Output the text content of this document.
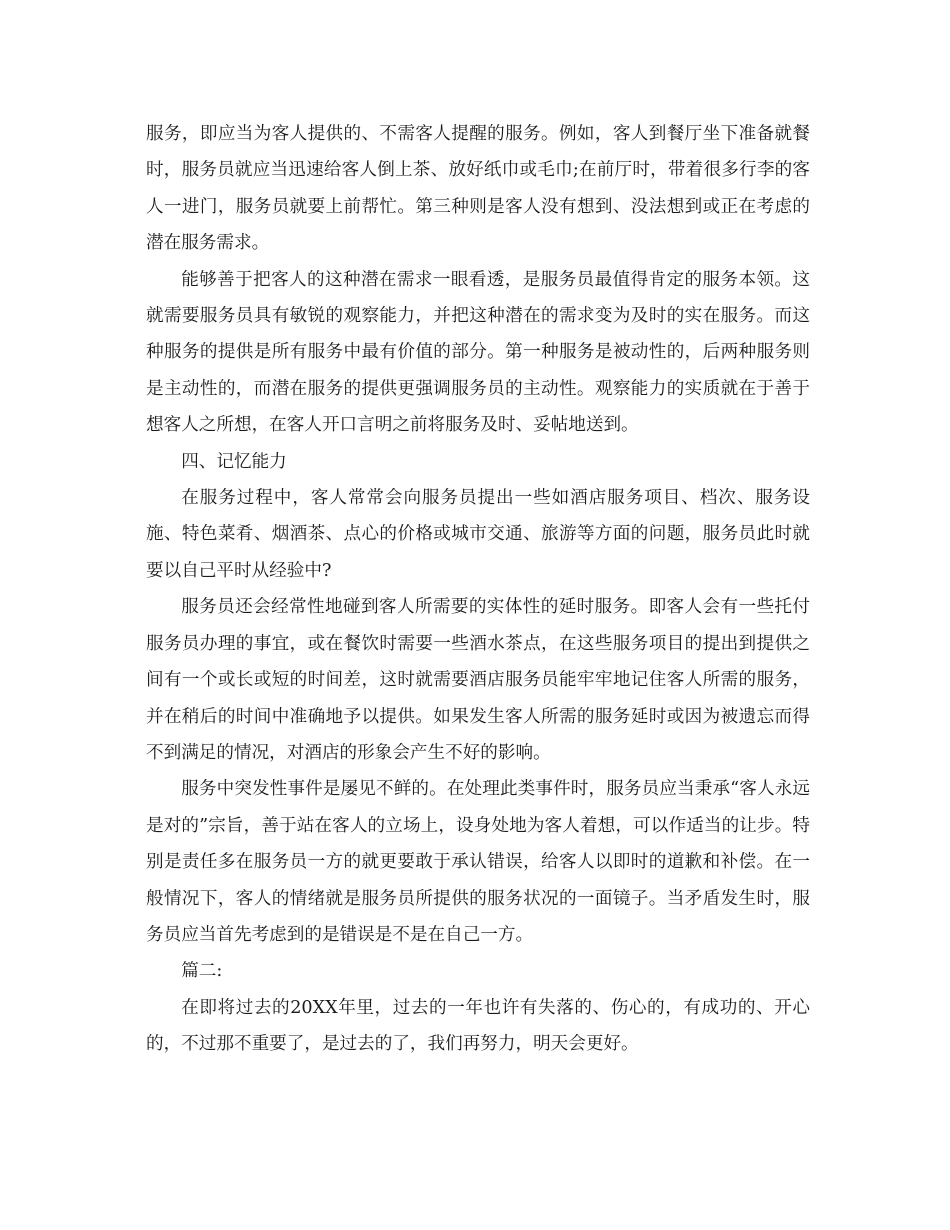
服务，即应当为客人提供的、不需客人提醒的服务。例如，客人到餐厅坐下准备就餐时，服务员就应当迅速给客人倒上茶、放好纸巾或毛巾;在前厅时，带着很多行李的客人一进门，服务员就要上前帮忙。第三种则是客人没有想到、没法想到或正在考虑的潜在服务需求。

能够善于把客人的这种潜在需求一眼看透，是服务员最值得肯定的服务本领。这就需要服务员具有敏锐的观察能力，并把这种潜在的需求变为及时的实在服务。而这种服务的提供是所有服务中最有价值的部分。第一种服务是被动性的，后两种服务则是主动性的，而潜在服务的提供更强调服务员的主动性。观察能力的实质就在于善于想客人之所想，在客人开口言明之前将服务及时、妥帖地送到。

四、记忆能力

在服务过程中，客人常常会向服务员提出一些如酒店服务项目、档次、服务设施、特色菜肴、烟酒茶、点心的价格或城市交通、旅游等方面的问题，服务员此时就要以自己平时从经验中?

服务员还会经常性地碰到客人所需要的实体性的延时服务。即客人会有一些托付服务员办理的事宜，或在餐饮时需要一些酒水茶点，在这些服务项目的提出到提供之间有一个或长或短的时间差，这时就需要酒店服务员能牢牢地记住客人所需的服务，并在稍后的时间中准确地予以提供。如果发生客人所需的服务延时或因为被遗忘而得不到满足的情况，对酒店的形象会产生不好的影响。

服务中突发性事件是屡见不鲜的。在处理此类事件时，服务员应当秉承“客人永远是对的”宗旨，善于站在客人的立场上，设身处地为客人着想，可以作适当的让步。特别是责任多在服务员一方的就更要敢于承认错误，给客人以即时的道歉和补偿。在一般情况下，客人的情绪就是服务员所提供的服务状况的一面镜子。当矛盾发生时，服务员应当首先考虑到的是错误是不是在自己一方。

篇二:

在即将过去的20XX年里，过去的一年也许有失落的、伤心的，有成功的、开心的，不过那不重要了，是过去的了，我们再努力，明天会更好。
